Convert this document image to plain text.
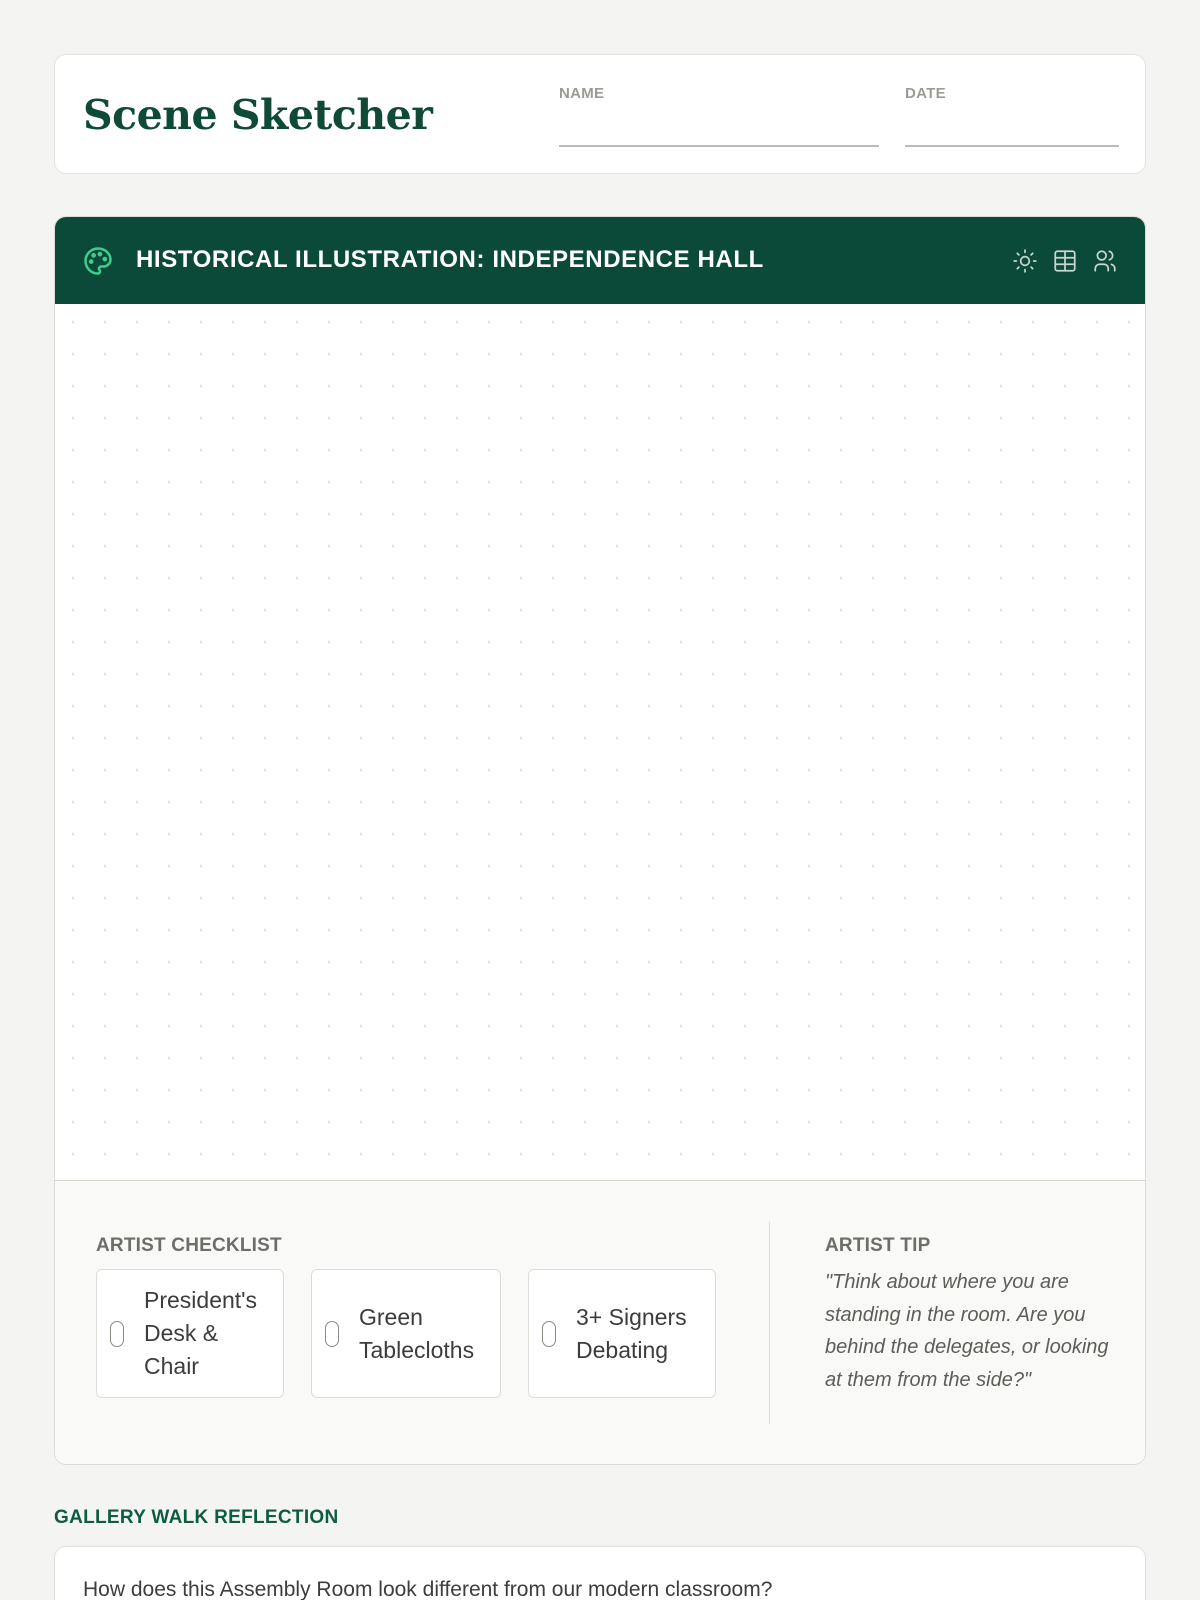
Scene Sketcher	NAME	DATE
HISTORICAL ILLUSTRATION: INDEPENDENCE HALL
ARTIST CHECKLIST
President's Desk & Chair
Green Tablecloths
3+ Signers Debating
ARTIST TIP
"Think about where you are standing in the room. Are you behind the delegates, or looking at them from the side?"
GALLERY WALK REFLECTION
How does this Assembly Room look different from our modern classroom?
